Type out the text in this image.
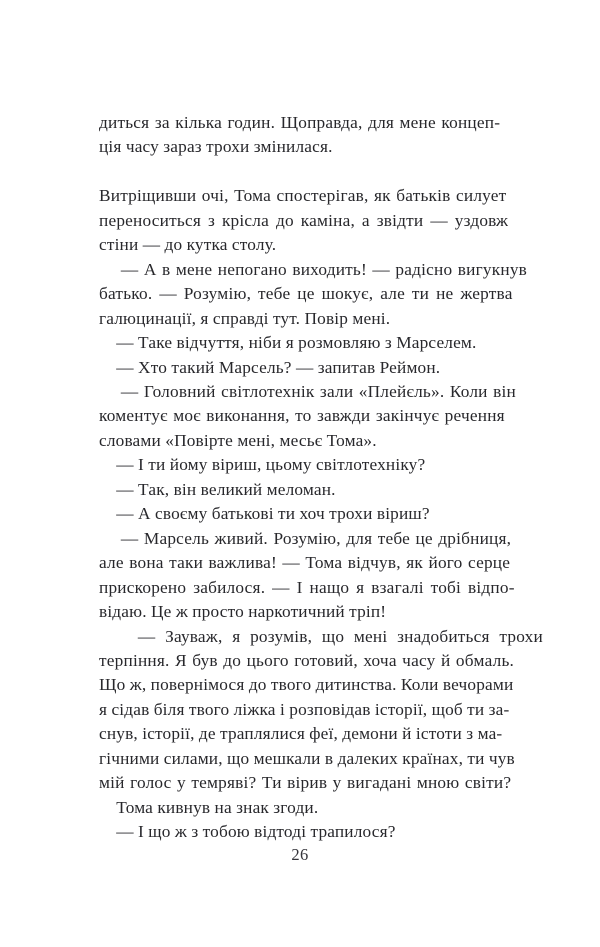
диться за кілька годин. Щоправда, для мене концеп-
ція часу зараз трохи змінилася.
Витріщивши очі, Тома спостерігав, як батьків силует
переноситься з крісла до каміна, а звідти — уздовж
стіни — до кутка столу.
— А в мене непогано виходить! — радісно вигукнув
батько. — Розумію, тебе це шокує, але ти не жертва
галюцинації, я справді тут. Повір мені.
— Таке відчуття, ніби я розмовляю з Марселем.
— Хто такий Марсель? — запитав Реймон.
— Головний світлотехнік зали «Плейєль». Коли він
коментує моє виконання, то завжди закінчує речення
словами «Повірте мені, месьє Тома».
— І ти йому віриш, цьому світлотехніку?
— Так, він великий меломан.
— А своєму батькові ти хоч трохи віриш?
— Марсель живий. Розумію, для тебе це дрібниця,
але вона таки важлива! — Тома відчув, як його серце
прискорено забилося. — І нащо я взагалі тобі відпо-
відаю. Це ж просто наркотичний тріп!
— Зауваж, я розумів, що мені знадобиться трохи
терпіння. Я був до цього готовий, хоча часу й обмаль.
Що ж, повернімося до твого дитинства. Коли вечорами
я сідав біля твого ліжка і розповідав історії, щоб ти за-
снув, історії, де траплялися феї, демони й істоти з ма-
гічними силами, що мешкали в далеких країнах, ти чув
мій голос у темряві? Ти вірив у вигадані мною світи?
Тома кивнув на знак згоди.
— І що ж з тобою відтоді трапилося?
26
